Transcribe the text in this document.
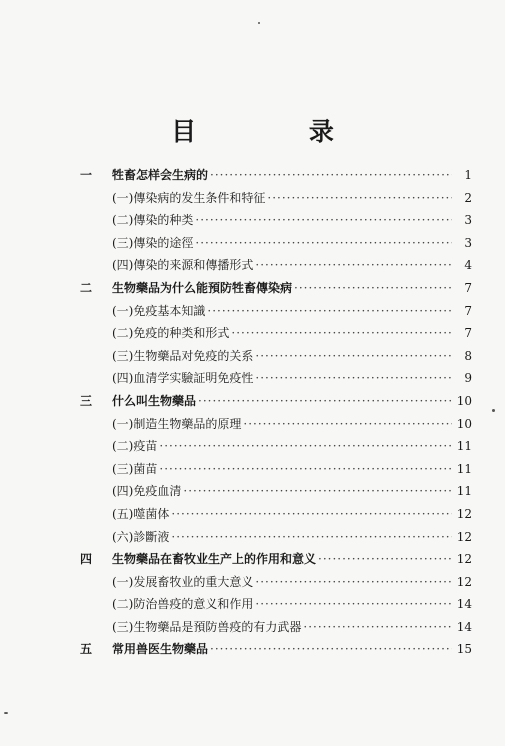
目 录
一	牲畜怎样会生病的 ·····	1
(一)傳染病的发生条件和特征 ·····	2
(二)傳染的种类 ·····	3
(三)傳染的途徑 ·····	3
(四)傳染的来源和傳播形式 ·····	4
二	生物藥品为什么能預防牲畜傳染病 ·····	7
(一)免疫基本知識 ·····	7
(二)免疫的种类和形式 ·····	7
(三)生物藥品对免疫的关系 ·····	8
(四)血清学实驗証明免疫性 ·····	9
三	什么叫生物藥品 ·····	10
(一)制造生物藥品的原理 ·····	10
(二)疫苗 ·····	11
(三)菌苗 ·····	11
(四)免疫血清 ·····	11
(五)噬菌体 ·····	12
(六)診斷液 ·····	12
四	生物藥品在畜牧业生产上的作用和意义 ·····	12
(一)发展畜牧业的重大意义 ·····	12
(二)防治兽疫的意义和作用 ·····	14
(三)生物藥品是預防兽疫的有力武器 ·····	14
五	常用兽医生物藥品 ·····	15
